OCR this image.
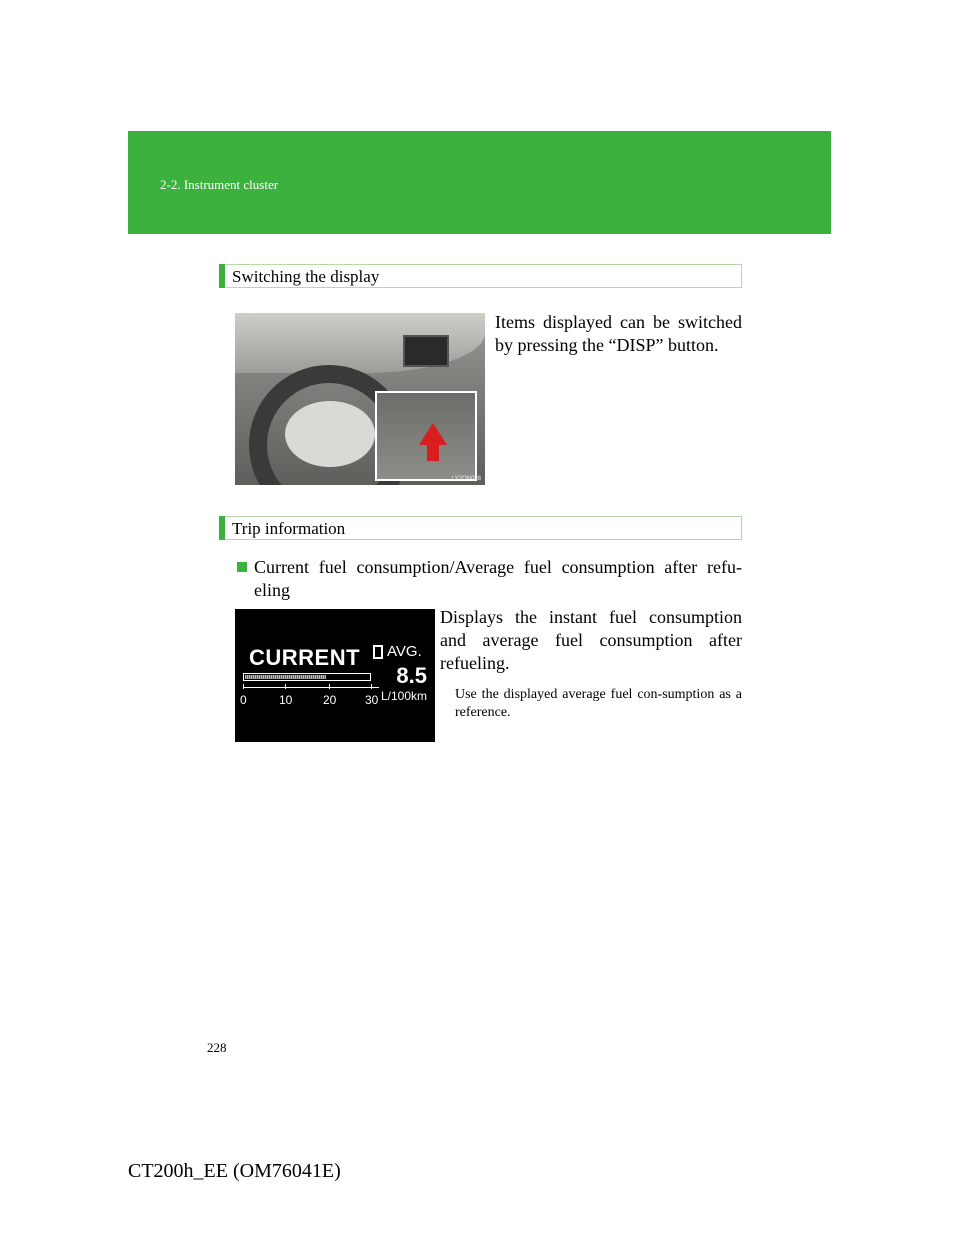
2-2. Instrument cluster
Switching the display
LY2ON036
Items displayed can be switched by pressing the “DISP” button.
Trip information
Current fuel consumption/Average fuel consumption after refu-eling
CURRENT AVG.
8.5
0	10	20 30 L/100km
Displays the instant fuel consumption and average fuel consumption after refueling.
Use the displayed average fuel con-sumption as a reference.
228
CT200h_EE (OM76041E)
